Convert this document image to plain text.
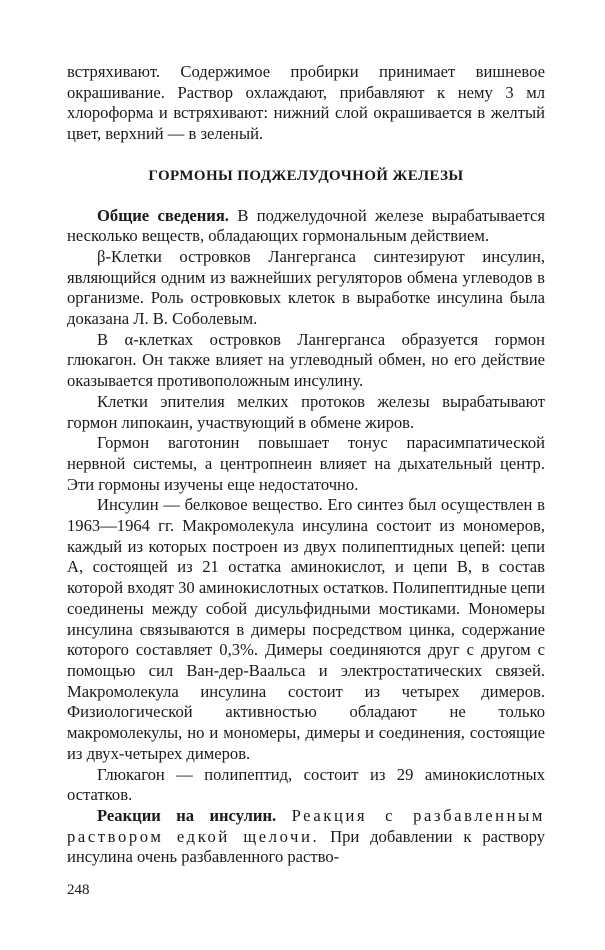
встряхивают. Содержимое пробирки принимает вишневое окрашивание. Раствор охлаждают, прибавляют к нему 3 мл хлороформа и встряхивают: нижний слой окрашивается в желтый цвет, верхний — в зеленый.

ГОРМОНЫ ПОДЖЕЛУДОЧНОЙ ЖЕЛЕЗЫ

Общие сведения. В поджелудочной железе вырабатывается несколько веществ, обладающих гормональным действием.

β-Клетки островков Лангерганса синтезируют инсулин, являющийся одним из важнейших регуляторов обмена углеводов в организме. Роль островковых клеток в выработке инсулина была доказана Л. В. Соболевым.

В α-клетках островков Лангерганса образуется гормон глюкагон. Он также влияет на углеводный обмен, но его действие оказывается противоположным инсулину.

Клетки эпителия мелких протоков железы вырабатывают гормон липокаин, участвующий в обмене жиров.

Гормон ваготонин повышает тонус парасимпатической нервной системы, а центропнеин влияет на дыхательный центр. Эти гормоны изучены еще недостаточно.

Инсулин — белковое вещество. Его синтез был осуществлен в 1963—1964 гг. Макромолекула инсулина состоит из мономеров, каждый из которых построен из двух полипептидных цепей: цепи A, состоящей из 21 остатка аминокислот, и цепи B, в состав которой входят 30 аминокислотных остатков. Полипептидные цепи соединены между собой дисульфидными мостиками. Мономеры инсулина связываются в димеры посредством цинка, содержание которого составляет 0,3%. Димеры соединяются друг с другом с помощью сил Ван-дер-Ваальса и электростатических связей. Макромолекула инсулина состоит из четырех димеров. Физиологической активностью обладают не только макромолекулы, но и мономеры, димеры и соединения, состоящие из двух-четырех димеров.

Глюкагон — полипептид, состоит из 29 аминокислотных остатков.

Реакции на инсулин. Реакция с разбавленным раствором едкой щелочи. При добавлении к раствору инсулина очень разбавленного раство-

248
